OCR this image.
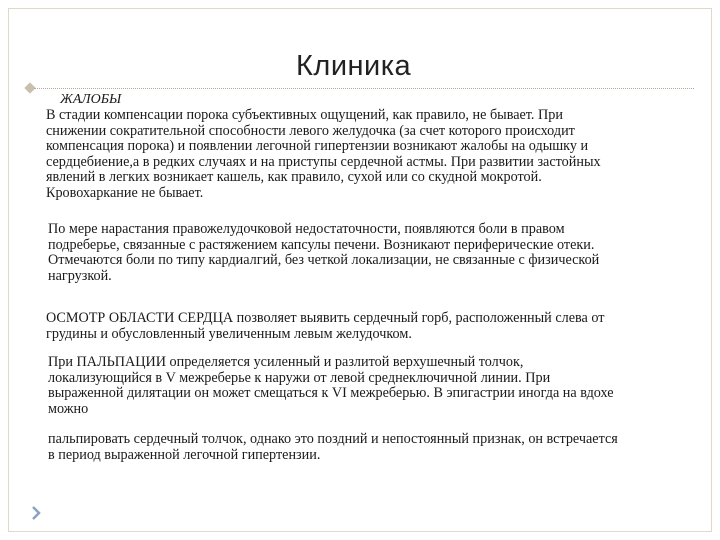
Клиника
ЖАЛОБЫ
В стадии компенсации порока субъективных ощущений, как правило, не бывает. При
снижении сократительной способности левого желудочка (за счет которого происходит
компенсация порока) и появлении легочной гипертензии возникают жалобы на одышку и
сердцебиение,а в редких случаях и на приступы сердечной астмы. При развитии застойных
явлений в легких возникает кашель, как правило, сухой или со скудной мокротой.
Кровохаркание не бывает.
По мере нарастания правожелудочковой недостаточности, появляются боли в правом
подреберье, связанные с растяжением капсулы печени. Возникают периферические отеки.
Отмечаются боли по типу кардиалгий, без четкой локализации, не связанные с физической
нагрузкой.
ОСМОТР ОБЛАСТИ СЕРДЦА позволяет выявить сердечный горб, расположенный слева от
грудины и обусловленный увеличенным левым желудочком.
При ПАЛЬПАЦИИ определяется усиленный и разлитой верхушечный толчок,
локализующийся в V межреберье к наружи от левой среднеключичной линии. При
выраженной дилятации он может смещаться к VI межреберью. В эпигастрии иногда на вдохе
можно
пальпировать сердечный толчок, однако это поздний и непостоянный признак, он встречается
в период выраженной легочной гипертензии.
